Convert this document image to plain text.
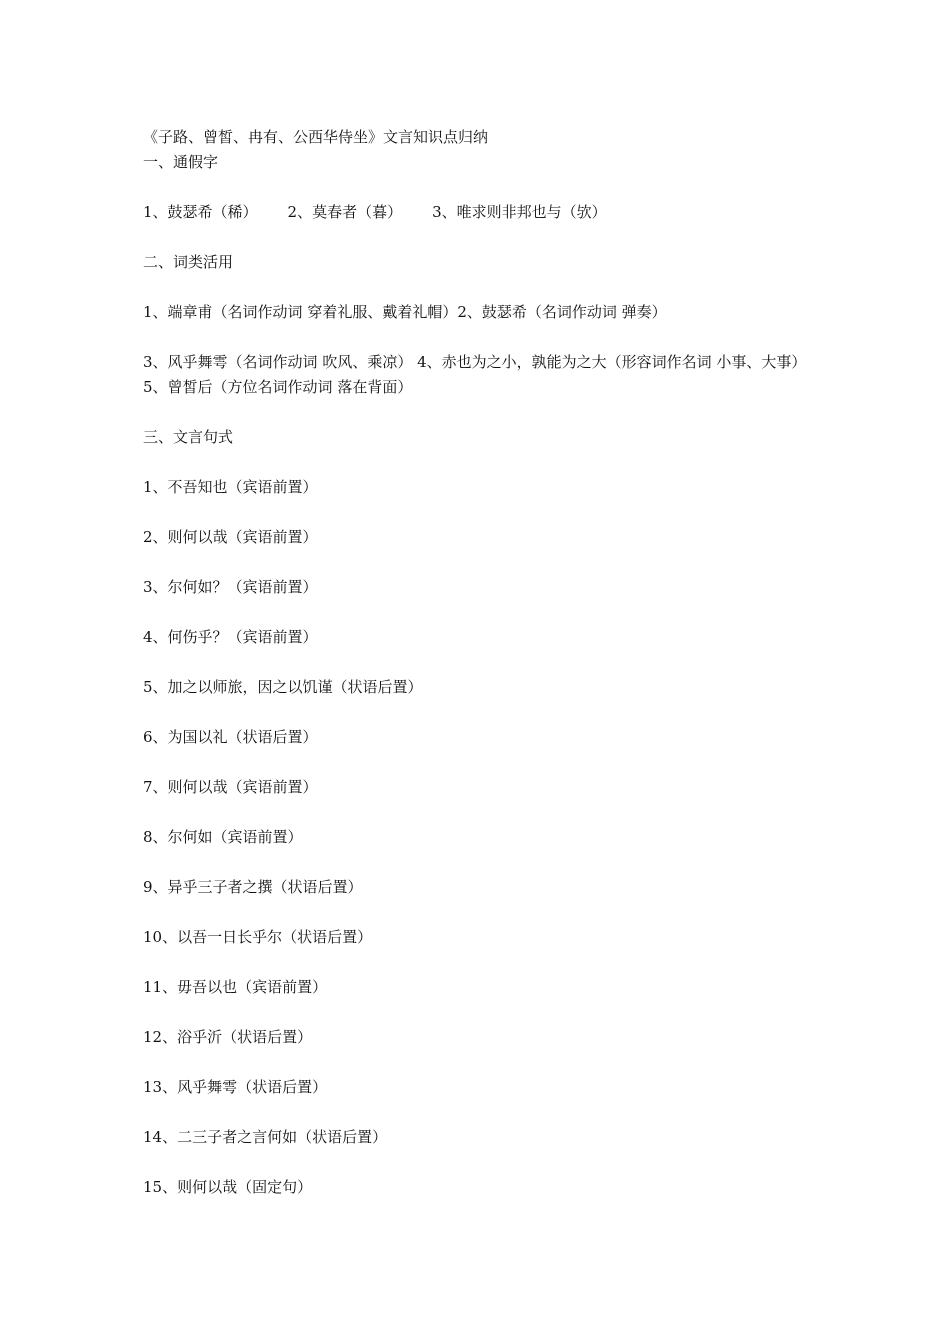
《子路、曾皙、冉有、公西华侍坐》文言知识点归纳

一、通假字

1、鼓瑟希（稀） 2、莫春者（暮） 3、唯求则非邦也与（欤）

二、词类活用

1、端章甫（名词作动词 穿着礼服、戴着礼帽）2、鼓瑟希（名词作动词 弹奏）

3、风乎舞雩（名词作动词 吹风、乘凉） 4、赤也为之小，孰能为之大（形容词作名词 小事、大事）5、曾皙后（方位名词作动词 落在背面）

三、文言句式

1、不吾知也（宾语前置）

2、则何以哉（宾语前置）

3、尔何如？（宾语前置）

4、何伤乎？（宾语前置）

5、加之以师旅，因之以饥谨（状语后置）

6、为国以礼（状语后置）

7、则何以哉（宾语前置）

8、尔何如（宾语前置）

9、异乎三子者之撰（状语后置）

10、以吾一日长乎尔（状语后置）

11、毋吾以也（宾语前置）

12、浴乎沂（状语后置）

13、风乎舞雩（状语后置）

14、二三子者之言何如（状语后置）

15、则何以哉（固定句）
